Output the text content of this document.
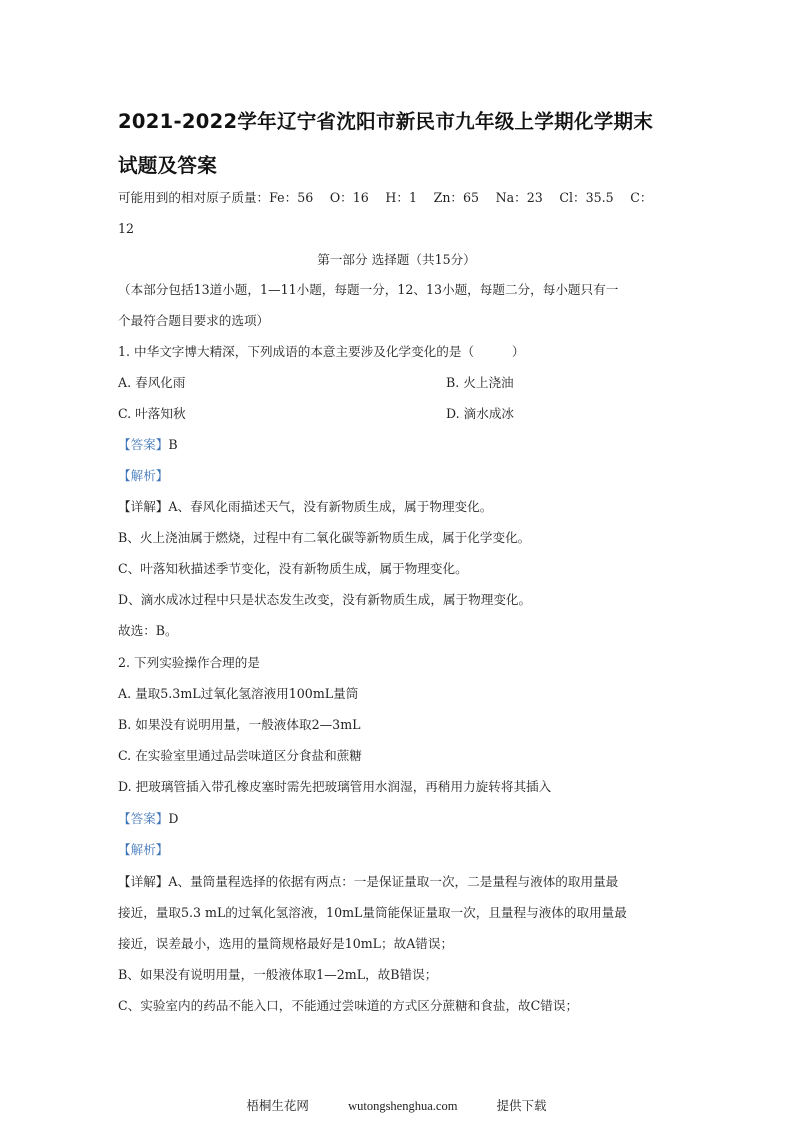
2021-2022学年辽宁省沈阳市新民市九年级上学期化学期末
试题及答案
可能用到的相对原子质量：Fe：56　 O：16　 H：1　 Zn：65　 Na：23　 Cl：35.5　 C：
12
第一部分 选择题（共15分）
（本部分包括13道小题，1—11小题，每题一分，12、13小题，每题二分，每小题只有一
个最符合题目要求的选项）
1. 中华文字博大精深，下列成语的本意主要涉及化学变化的是（　　　）
A. 春风化雨	B. 火上浇油
C. 叶落知秋	D. 滴水成冰
【答案】B
【解析】
【详解】A、春风化雨描述天气，没有新物质生成，属于物理变化。
B、火上浇油属于燃烧，过程中有二氧化碳等新物质生成，属于化学变化。
C、叶落知秋描述季节变化，没有新物质生成，属于物理变化。
D、滴水成冰过程中只是状态发生改变，没有新物质生成，属于物理变化。
故选：B。
2. 下列实验操作合理的是
A. 量取5.3mL过氧化氢溶液用100mL量筒
B. 如果没有说明用量，一般液体取2—3mL
C. 在实验室里通过品尝味道区分食盐和蔗糖
D. 把玻璃管插入带孔橡皮塞时需先把玻璃管用水润湿，再稍用力旋转将其插入
【答案】D
【解析】
【详解】A、量筒量程选择的依据有两点：一是保证量取一次，二是量程与液体的取用量最
接近，量取5.3 mL的过氧化氢溶液，10mL量筒能保证量取一次，且量程与液体的取用量最
接近，误差最小，选用的量筒规格最好是10mL；故A错误；
B、如果没有说明用量，一般液体取1—2mL，故B错误；
C、实验室内的药品不能入口，不能通过尝味道的方式区分蔗糖和食盐，故C错误；
梧桐生花网	wutongshenghua.com	提供下载
